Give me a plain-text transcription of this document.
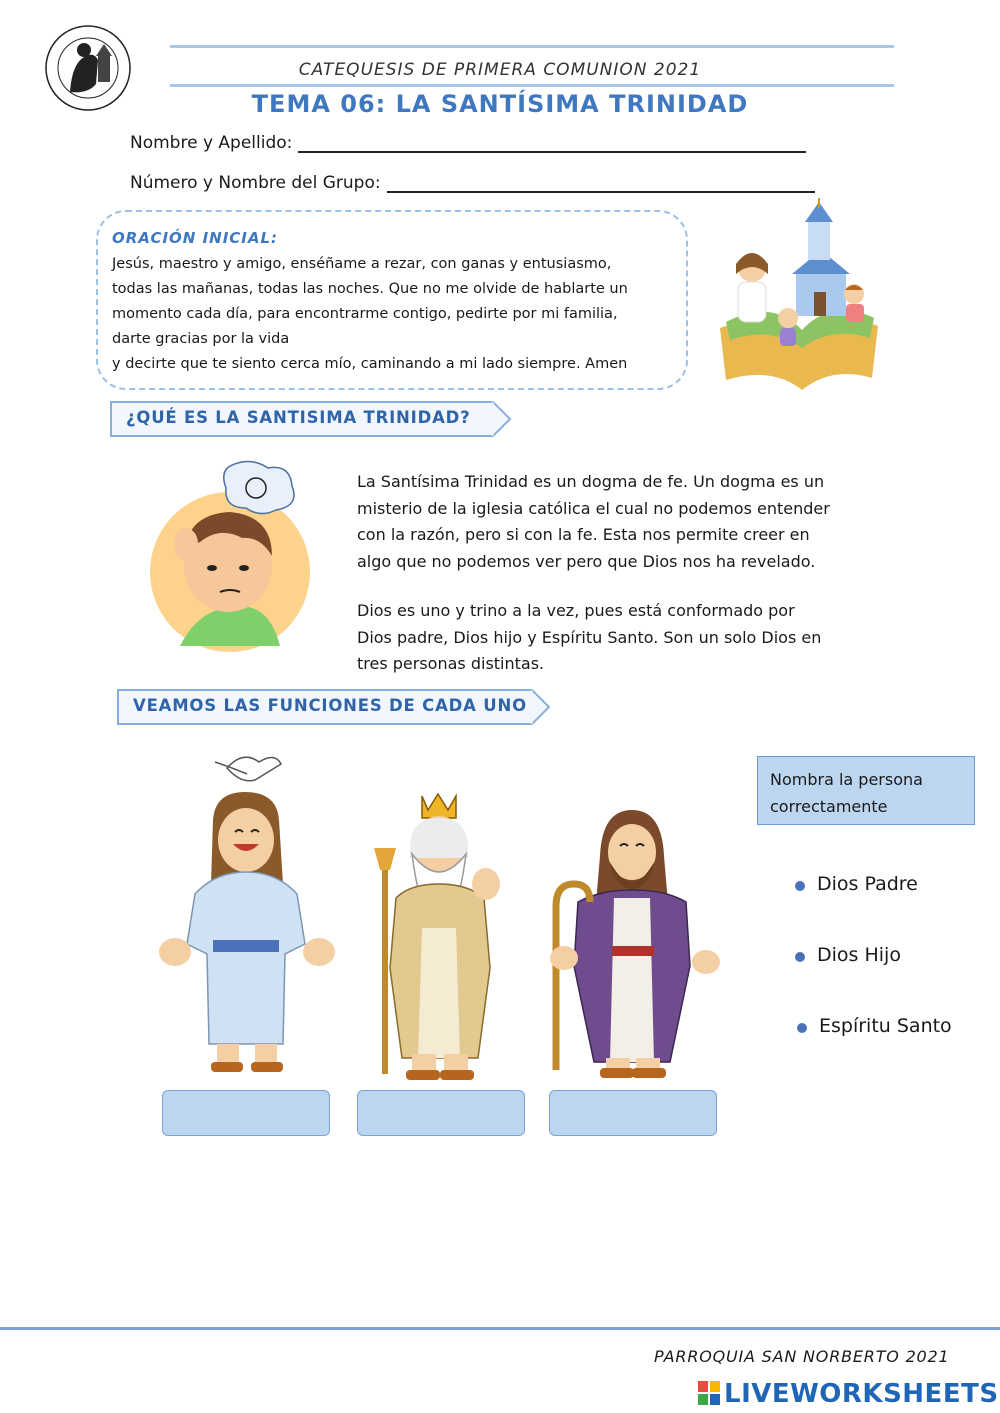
CATEQUESIS DE PRIMERA COMUNION 2021
TEMA 06: LA SANTÍSIMA TRINIDAD
Nombre y Apellido:
Número y Nombre del Grupo:
ORACIÓN INICIAL:
Jesús, maestro y amigo, enséñame a rezar, con ganas y entusiasmo,
todas las mañanas, todas las noches. Que no me olvide de hablarte un
momento cada día, para encontrarme contigo, pedirte por mi familia,
darte gracias por la vida
y decirte que te siento cerca mío, caminando a mi lado siempre. Amen
¿QUÉ ES LA SANTISIMA TRINIDAD?
La Santísima Trinidad es un dogma de fe. Un dogma es un
misterio de la iglesia católica el cual no podemos entender
con la razón, pero si con la fe. Esta nos permite creer en
algo que no podemos ver pero que Dios nos ha revelado.
Dios es uno y trino a la vez, pues está conformado por
Dios padre, Dios hijo y Espíritu Santo. Son un solo Dios en
tres personas distintas.
VEAMOS LAS FUNCIONES DE CADA UNO
Nombra la persona
correctamente
Dios Padre
Dios Hijo
Espíritu Santo
PARROQUIA SAN NORBERTO 2021
LIVEWORKSHEETS
